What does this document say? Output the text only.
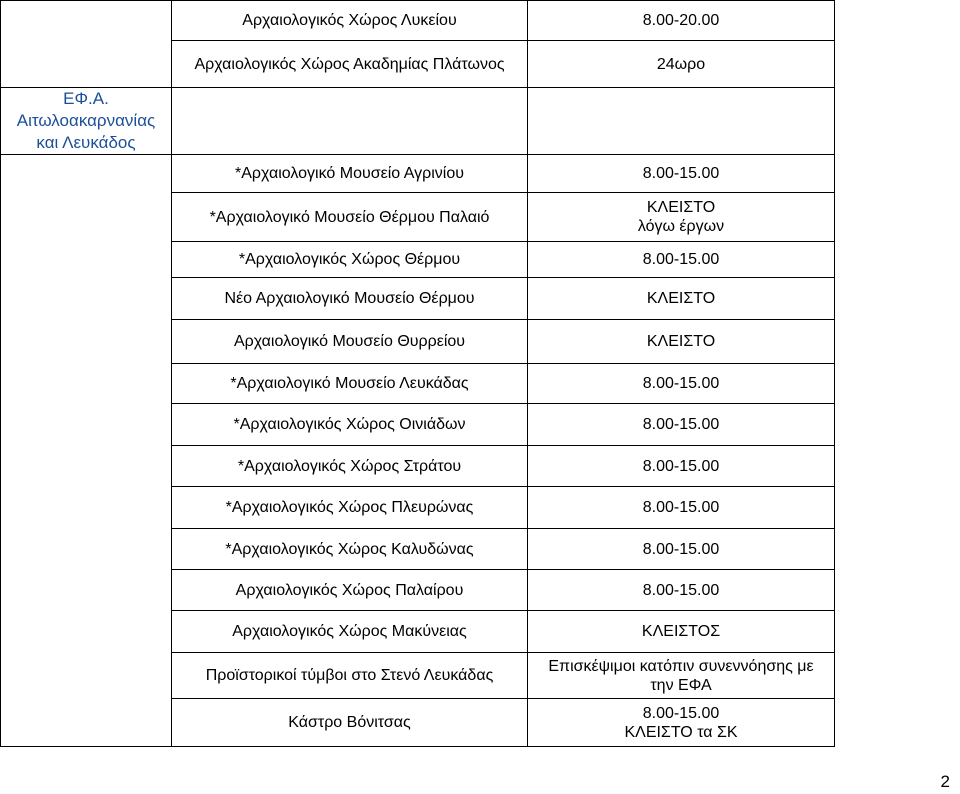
	Αρχαιολογικός Χώρος Λυκείου	8.00-20.00
	Αρχαιολογικός Χώρος Ακαδημίας Πλάτωνος	24ωρο

ΕΦ.Α.
Αιτωλοακαρνανίας
και Λευκάδος		

	*Αρχαιολογικό Μουσείο Αγρινίου	8.00-15.00
	*Αρχαιολογικό Μουσείο Θέρμου Παλαιό	ΚΛΕΙΣΤΟ
λόγω έργων

	*Αρχαιολογικός Χώρος Θέρμου	8.00-15.00
	Νέο Αρχαιολογικό Μουσείο Θέρμου	ΚΛΕΙΣΤΟ
	Αρχαιολογικό Μουσείο Θυρρείου	ΚΛΕΙΣΤΟ
	*Αρχαιολογικό Μουσείο Λευκάδας	8.00-15.00
	*Αρχαιολογικός Χώρος Οινιάδων	8.00-15.00
	*Αρχαιολογικός Χώρος Στράτου	8.00-15.00
	*Αρχαιολογικός Χώρος Πλευρώνας	8.00-15.00
	*Αρχαιολογικός Χώρος Καλυδώνας	8.00-15.00
	Αρχαιολογικός Χώρος Παλαίρου	8.00-15.00
	Αρχαιολογικός Χώρος Μακύνειας	ΚΛΕΙΣΤΟΣ
	Προϊστορικοί τύμβοι στο Στενό Λευκάδας	Επισκέψιμοι κατόπιν συνεννόησης με
την ΕΦΑ

	Κάστρο Βόνιτσας	8.00-15.00
ΚΛΕΙΣΤΟ τα ΣΚ
2
